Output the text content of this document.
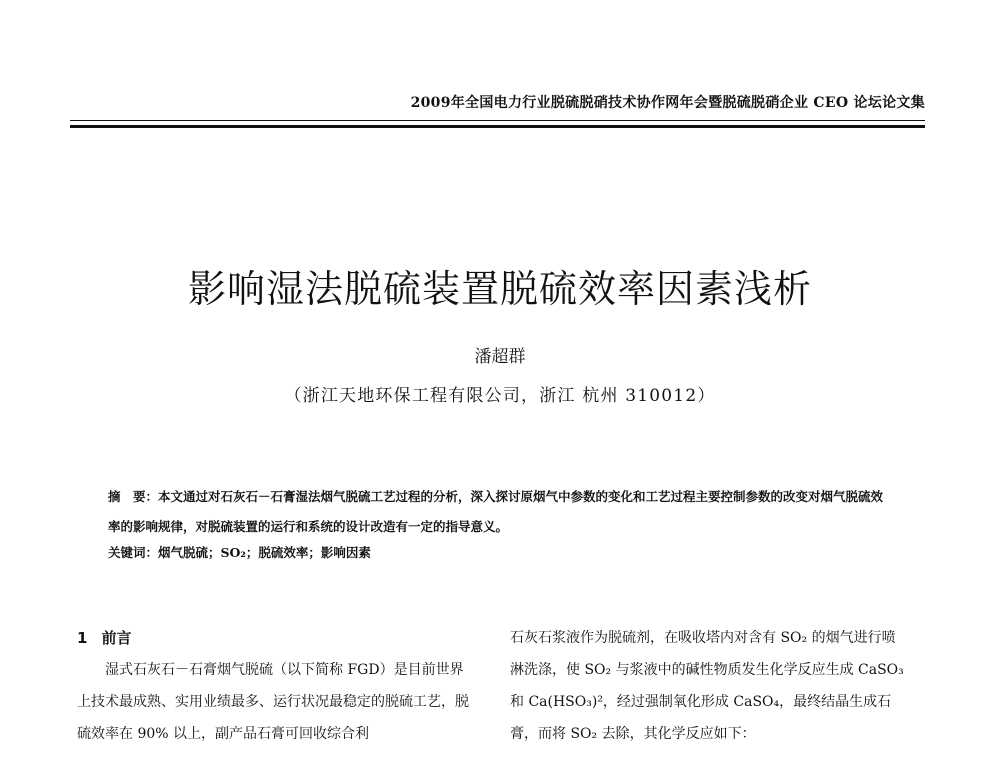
2009年全国电力行业脱硫脱硝技术协作网年会暨脱硫脱硝企业 CEO 论坛论文集
影响湿法脱硫装置脱硫效率因素浅析
潘超群
（浙江天地环保工程有限公司，浙江 杭州 310012）
摘　要：本文通过对石灰石－石膏湿法烟气脱硫工艺过程的分析，深入探讨原烟气中参数的变化和工艺过程主要控制参数的改变对烟气脱硫效率的影响规律，对脱硫装置的运行和系统的设计改造有一定的指导意义。
关键词：烟气脱硫；SO₂；脱硫效率；影响因素
1 前言

湿式石灰石－石膏烟气脱硫（以下简称 FGD）是目前世界上技术最成熟、实用业绩最多、运行状况最稳定的脱硫工艺，脱硫效率在 90% 以上，副产品石膏可回收综合利

石灰石浆液作为脱硫剂，在吸收塔内对含有 SO₂ 的烟气进行喷淋洗涤，使 SO₂ 与浆液中的碱性物质发生化学反应生成 CaSO₃ 和 Ca(HSO₃)²，经过强制氧化形成 CaSO₄，最终结晶生成石膏，而将 SO₂ 去除，其化学反应如下：
